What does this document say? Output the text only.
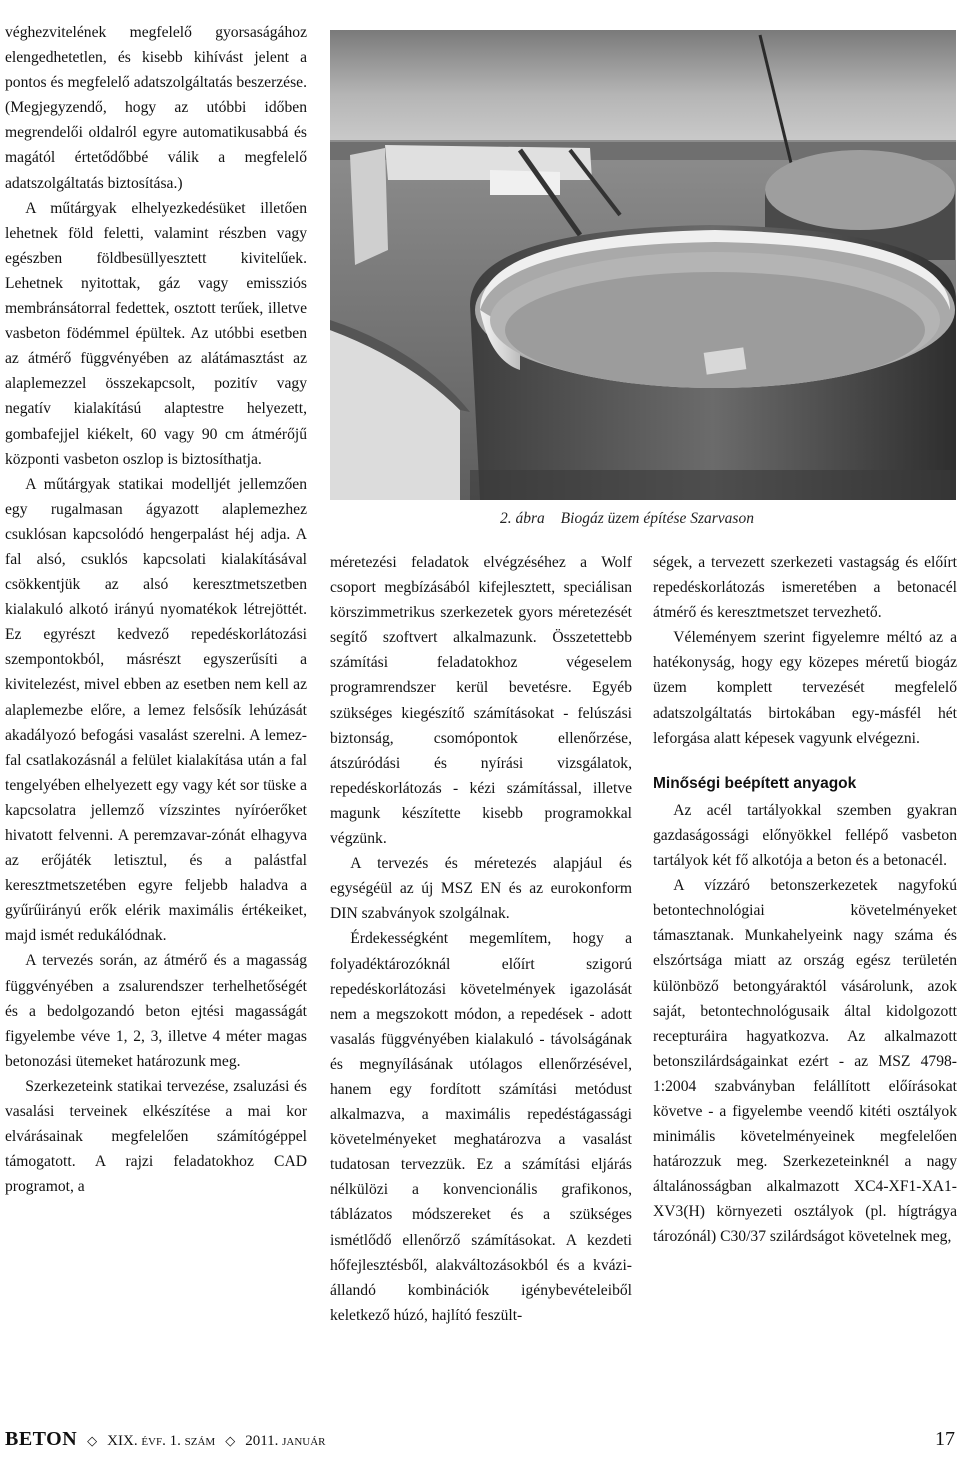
véghezvitelének megfelelő gyorsaságához elengedhetetlen, és kisebb kihívást jelent a pontos és megfelelő adatszolgáltatás beszerzése. (Megjegyzendő, hogy az utóbbi időben megrendelői oldalról egyre automatikusabbá és magától értetődőbbé válik a megfelelő adatszolgáltatás biztosítása.)

A műtárgyak elhelyezkedésüket illetően lehetnek föld feletti, valamint részben vagy egészben földbesüllyesztett kivitelűek. Lehetnek nyitottak, gáz vagy emissziós membránsátorral fedettek, osztott terűek, illetve vasbeton födémmel épültek. Az utóbbi esetben az átmérő függvényében az alátámasztást az alaplemezzel összekapcsolt, pozitív vagy negatív kialakítású alaptestre helyezett, gombafejjel kiékelt, 60 vagy 90 cm átmérőjű központi vasbeton oszlop is biztosíthatja.

A műtárgyak statikai modelljét jellemzően egy rugalmasan ágyazott alaplemezhez csuklósan kapcsolódó hengerpalást héj adja. A fal alsó, csuklós kapcsolati kialakításával csökkentjük az alsó keresztmetszetben kialakuló alkotó irányú nyomatékok létrejöttét. Ez egyrészt kedvező repedéskorlátozási szempontokból, másrészt egyszerűsíti a kivitelezést, mivel ebben az esetben nem kell az alaplemezbe előre, a lemez felsősík lehúzását akadályozó befogási vasalást szerelni. A lemez-fal csatlakozásnál a felület kialakítása után a fal tengelyében elhelyezett egy vagy két sor tüske a kapcsolatra jellemző vízszintes nyíróerőket hivatott felvenni. A peremzavar-zónát elhagyva az erőjáték letisztul, és a palástfal keresztmetszetében egyre feljebb haladva a gyűrűirányú erők elérik maximális értékeiket, majd ismét redukálódnak.

A tervezés során, az átmérő és a magasság függvényében a zsalurendszer terhelhetőségét és a bedolgozandó beton ejtési magasságát figyelembe véve 1, 2, 3, illetve 4 méter magas betonozási ütemeket határozunk meg.

Szerkezeteink statikai tervezése, zsaluzási és vasalási terveinek elkészítése a mai kor elvárásainak megfelelően számítógéppel támogatott. A rajzi feladatokhoz CAD programot, a

2. ábra Biogáz üzem építése Szarvason

méretezési feladatok elvégzéséhez a Wolf csoport megbízásából kifejlesztett, speciálisan körszimmetrikus szerkezetek gyors méretezését segítő szoftvert alkalmazunk. Összetettebb számítási feladatokhoz végeselem programrendszer kerül bevetésre. Egyéb szükséges kiegészítő számításokat - felúszási biztonság, csomópontok ellenőrzése, átszúródási és nyírási vizsgálatok, repedéskorlátozás - kézi számítással, illetve magunk készítette kisebb programokkal végzünk.

A tervezés és méretezés alapjául és egységéül az új MSZ EN és az eurokonform DIN szabványok szolgálnak.

Érdekességként megemlítem, hogy a folyadéktározóknál előírt szigorú repedéskorlátozási követelmények igazolását nem a megszokott módon, a repedések - adott vasalás függvényében kialakuló - távolságának és megnyílásának utólagos ellenőrzésével, hanem egy fordított számítási metódust alkalmazva, a maximális repedéstágassági követelményeket meghatározva a vasalást tudatosan tervezzük. Ez a számítási eljárás nélkülözi a konvencionális grafikonos, táblázatos módszereket és a szükséges ismétlődő ellenőrző számításokat. A kezdeti hőfejlesztésből, alakváltozásokból és a kvázi-állandó kombinációk igénybevételeiből keletkező húzó, hajlító feszült-

ségek, a tervezett szerkezeti vastagság és előírt repedéskorlátozás ismeretében a betonacél átmérő és keresztmetszet tervezhető.

Véleményem szerint figyelemre méltó az a hatékonyság, hogy egy közepes méretű biogáz üzem komplett tervezését megfelelő adatszolgáltatás birtokában egy-másfél hét leforgása alatt képesek vagyunk elvégezni.

Minőségi beépített anyagok

Az acél tartályokkal szemben gyakran gazdaságossági előnyökkel fellépő vasbeton tartályok két fő alkotója a beton és a betonacél.

A vízzáró betonszerkezetek nagyfokú betontechnológiai követelményeket támasztanak. Munkahelyeink nagy száma és elszórtsága miatt az ország egész területén különböző betongyáraktól vásárolunk, azok saját, betontechnológusaik által kidolgozott recepturáira hagyatkozva. Az alkalmazott betonszilárdságainkat ezért - az MSZ 4798-1:2004 szabványban felállított előírásokat követve - a figyelembe veendő kitéti osztályok minimális követelményeinek megfelelően határozzuk meg. Szerkezeteinknél a nagy általánosságban alkalmazott XC4-XF1-XA1-XV3(H) környezeti osztályok (pl. hígtrágya tározónál) C30/37 szilárdságot követelnek meg,

BETON ◇ XIX. évf. 1. szám ◇ 2011. január	17
